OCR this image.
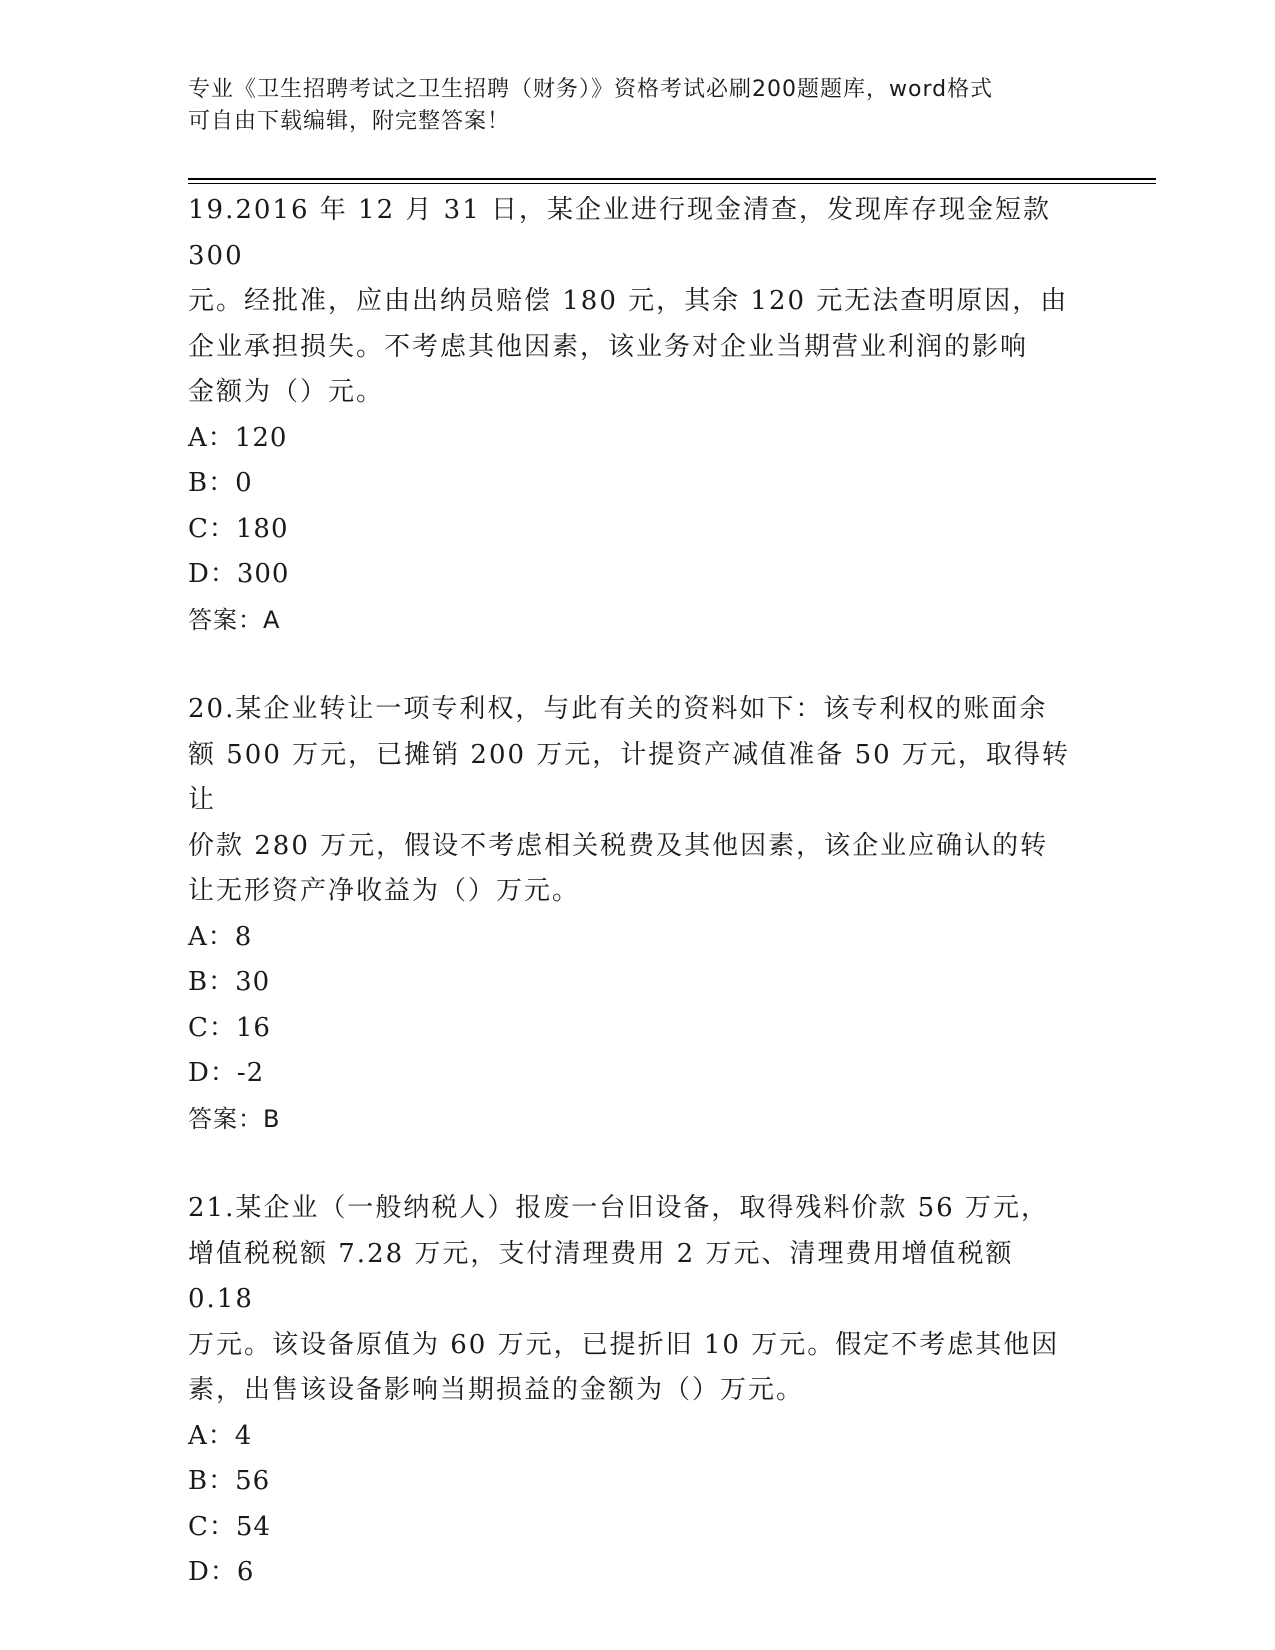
专业《卫生招聘考试之卫生招聘（财务）》资格考试必刷200题题库，word格式
可自由下载编辑，附完整答案！

19.2016 年 12 月 31 日，某企业进行现金清查，发现库存现金短款 300

元。经批准，应由出纳员赔偿 180 元，其余 120 元无法查明原因，由

企业承担损失。不考虑其他因素，该业务对企业当期营业利润的影响

金额为（）元。

A：120

B：0

C：180

D：300

答案：A

20.某企业转让一项专利权，与此有关的资料如下：该专利权的账面余

额 500 万元，已摊销 200 万元，计提资产减值准备 50 万元，取得转让

价款 280 万元，假设不考虑相关税费及其他因素，该企业应确认的转

让无形资产净收益为（）万元。

A：8

B：30

C：16

D：-2

答案：B

21.某企业（一般纳税人）报废一台旧设备，取得残料价款 56 万元，

增值税税额 7.28 万元，支付清理费用 2 万元、清理费用增值税额 0.18

万元。该设备原值为 60 万元，已提折旧 10 万元。假定不考虑其他因

素，出售该设备影响当期损益的金额为（）万元。

A：4

B：56

C：54

D：6
